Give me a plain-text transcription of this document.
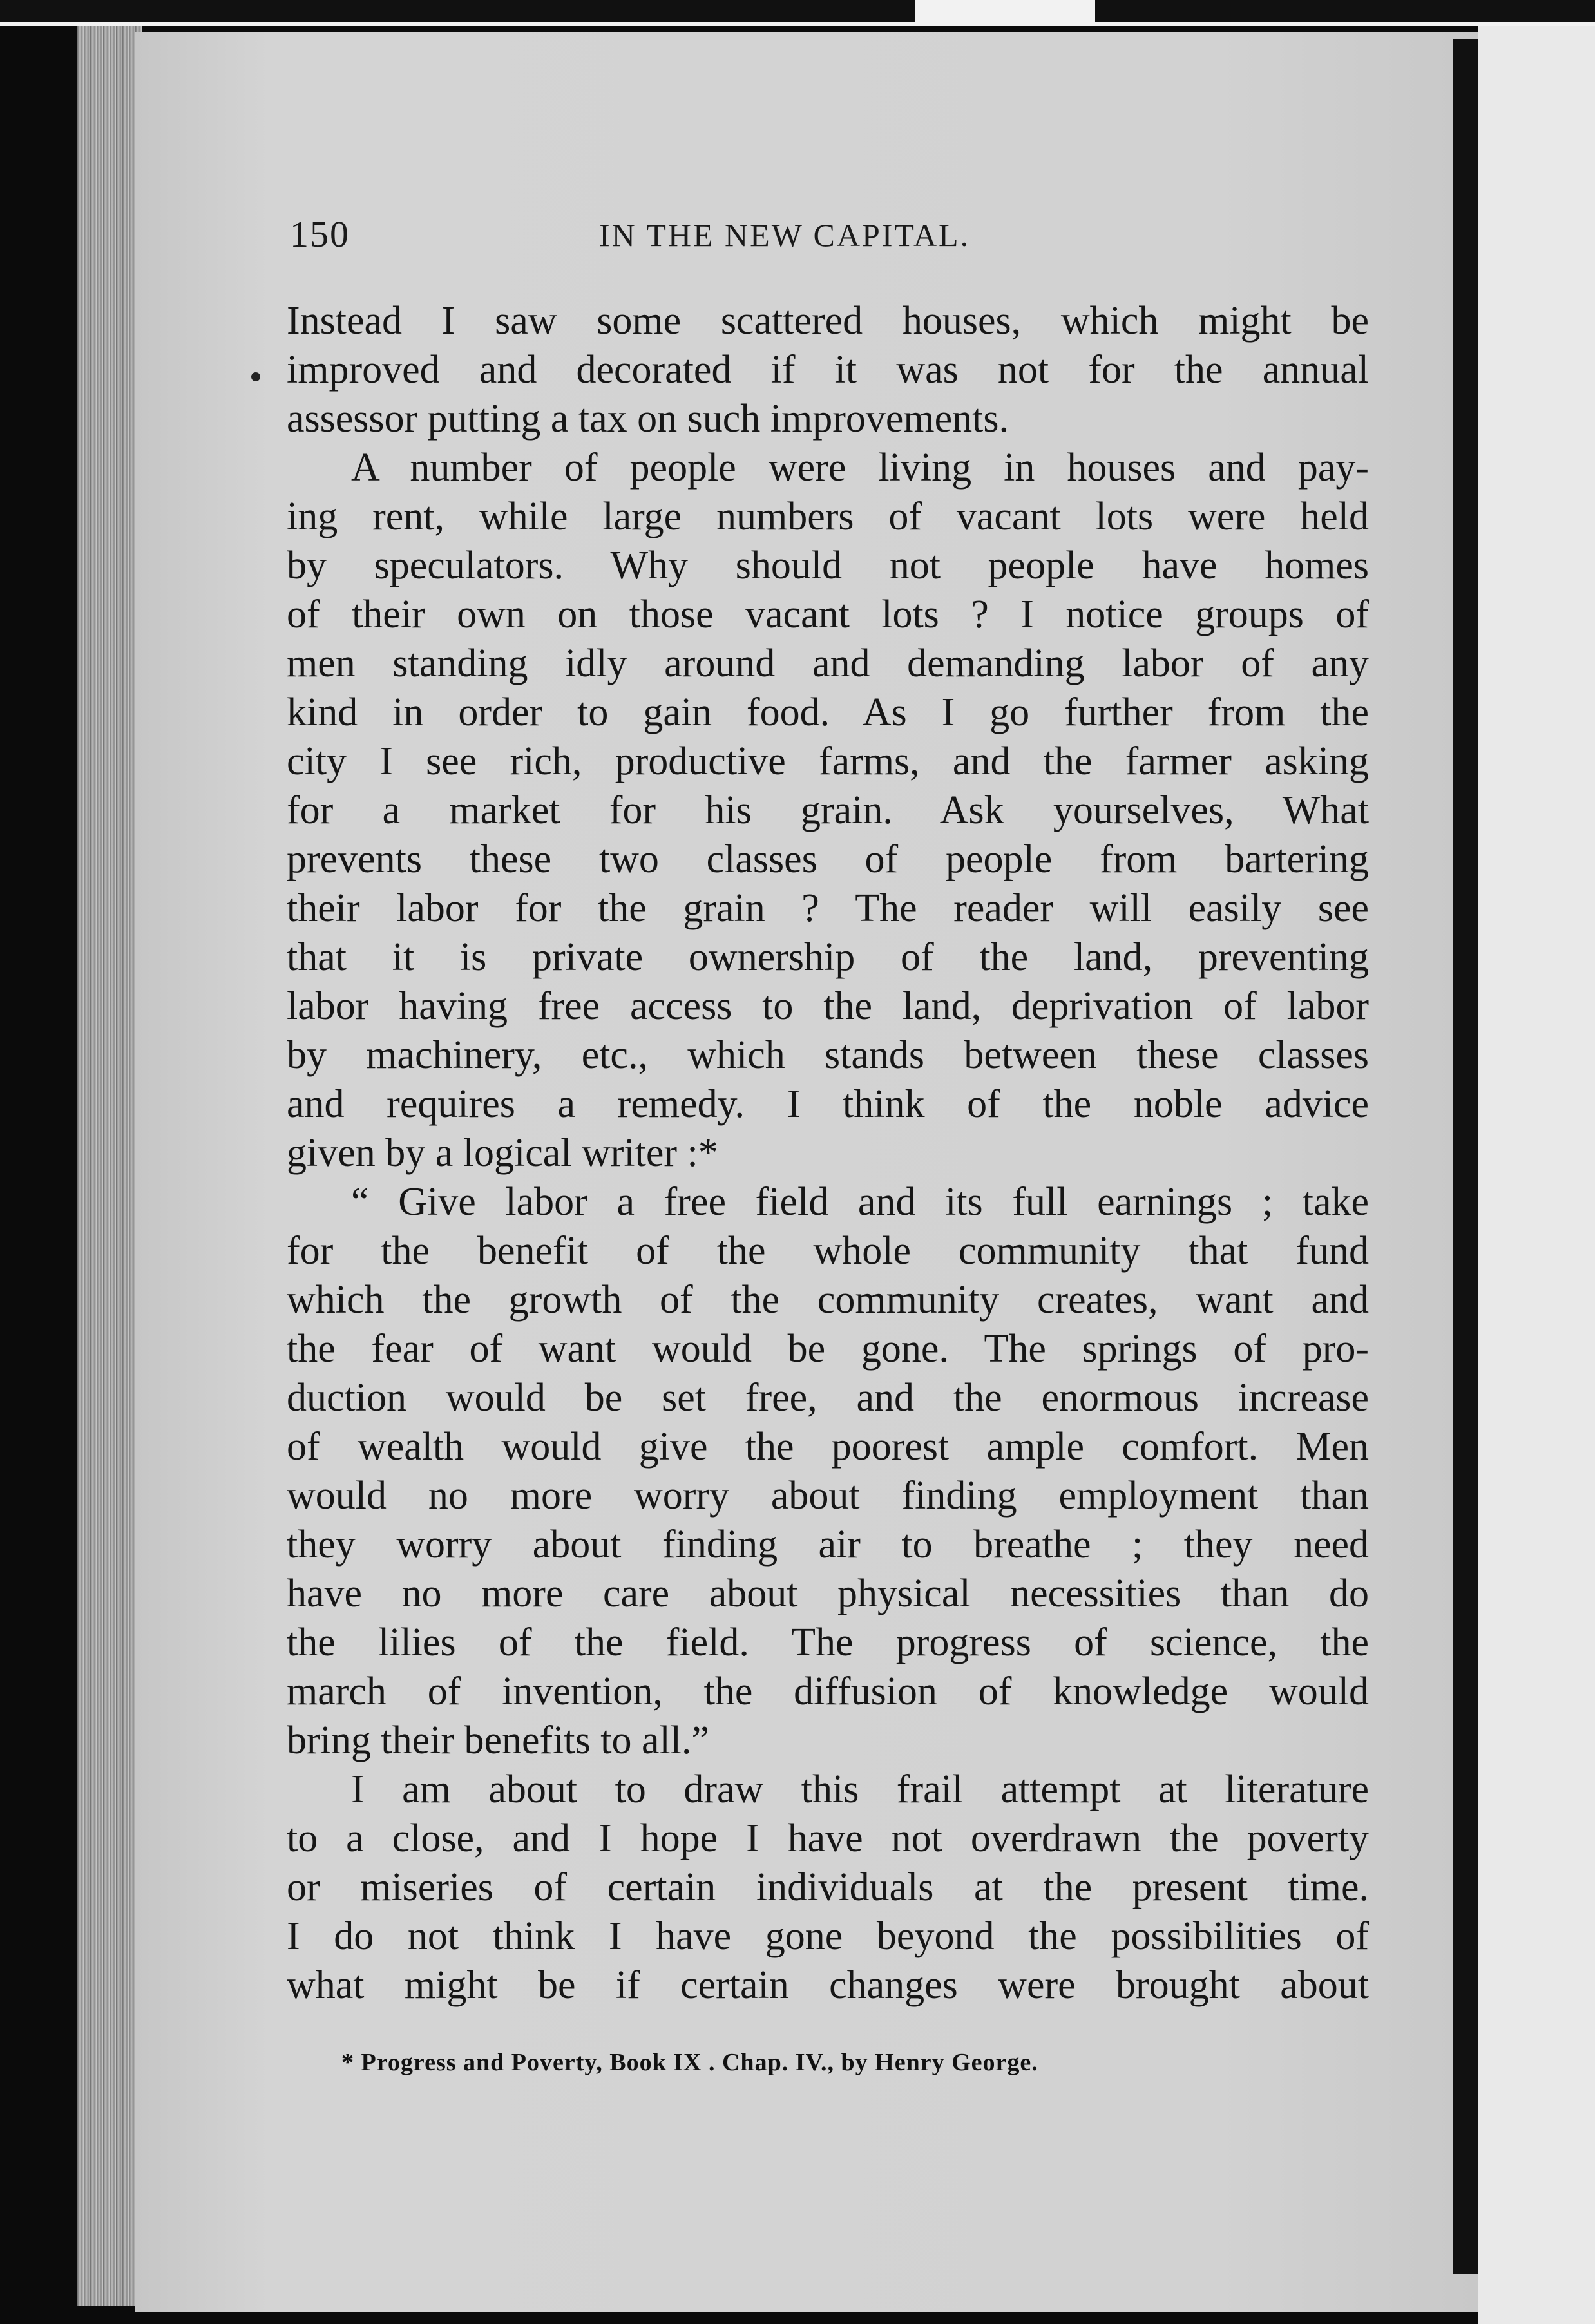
150	IN THE NEW CAPITAL.
Instead I saw some scattered houses, which might be
improved and decorated if it was not for the annual
assessor putting a tax on such improvements.
A number of people were living in houses and pay-
ing rent, while large numbers of vacant lots were held
by speculators. Why should not people have homes
of their own on those vacant lots ? I notice groups of
men standing idly around and demanding labor of any
kind in order to gain food. As I go further from the
city I see rich, productive farms, and the farmer asking
for a market for his grain. Ask yourselves, What
prevents these two classes of people from bartering
their labor for the grain ? The reader will easily see
that it is private ownership of the land, preventing
labor having free access to the land, deprivation of labor
by machinery, etc., which stands between these classes
and requires a remedy. I think of the noble advice
given by a logical writer :*
“ Give labor a free field and its full earnings ; take
for the benefit of the whole community that fund
which the growth of the community creates, want and
the fear of want would be gone. The springs of pro-
duction would be set free, and the enormous increase
of wealth would give the poorest ample comfort. Men
would no more worry about finding employment than
they worry about finding air to breathe ; they need
have no more care about physical necessities than do
the lilies of the field. The progress of science, the
march of invention, the diffusion of knowledge would
bring their benefits to all.”
I am about to draw this frail attempt at literature
to a close, and I hope I have not overdrawn the poverty
or miseries of certain individuals at the present time.
I do not think I have gone beyond the possibilities of
what might be if certain changes were brought about
* Progress and Poverty, Book IX . Chap. IV., by Henry George.
